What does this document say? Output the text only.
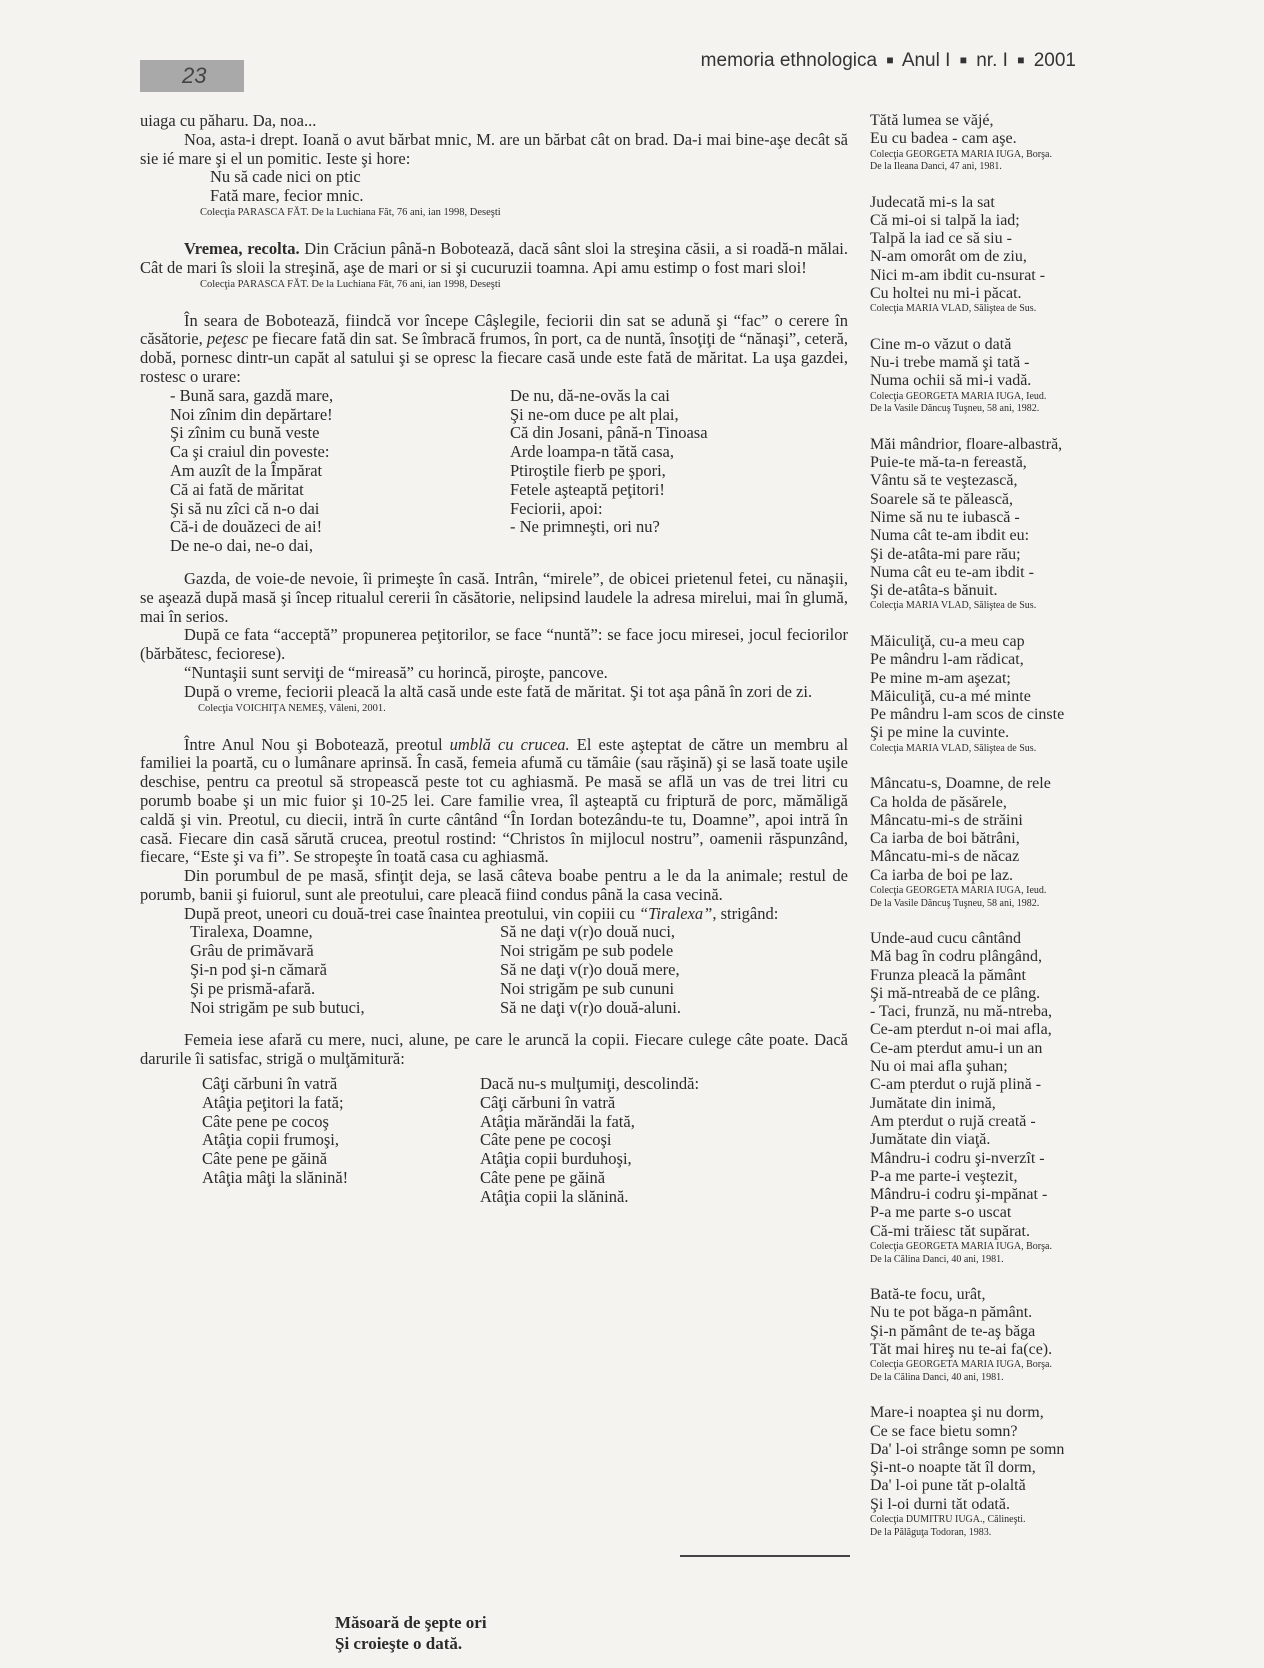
23
memoria ethnologica ■ Anul I ■ nr. I ■ 2001

uiaga cu păharu. Da, noa...

Noa, asta-i drept. Ioană o avut bărbat mnic, M. are un bărbat cât on brad. Da-i mai bine-aşe decât să sie ié mare şi el un pomitic. Ieste şi hore:

Nu să cade nici on ptic
Fată mare, fecior mnic.
Colecţia PARASCA FĂT. De la Luchiana Făt, 76 ani, ian 1998, Deseşti

Vremea, recolta. Din Crăciun până-n Bobotează, dacă sânt sloi la streşina căsii, a si roadă-n mălai. Cât de mari îs sloii la streşină, aşe de mari or si şi cucuruzii toamna. Api amu estimp o fost mari sloi!

Colecţia PARASCA FĂT. De la Luchiana Făt, 76 ani, ian 1998, Deseşti

În seara de Bobotează, fiindcă vor începe Câşlegile, feciorii din sat se adună şi “fac” o cerere în căsătorie, peţesc pe fiecare fată din sat. Se îmbracă frumos, în port, ca de nuntă, însoţiţi de “nănaşi”, ceteră, dobă, pornesc dintr-un capăt al satului şi se opresc la fiecare casă unde este fată de măritat. La uşa gazdei, rostesc o urare:

- Bună sara, gazdă mare,
Noi zînim din depărtare!
Şi zînim cu bună veste
Ca şi craiul din poveste:
Am auzît de la Împărat
Că ai fată de măritat
Şi să nu zîci că n-o dai
Că-i de douăzeci de ai!
De ne-o dai, ne-o dai,
De nu, dă-ne-ovăs la cai
Şi ne-om duce pe alt plai,
Că din Josani, până-n Tinoasa
Arde loampa-n tătă casa,
Ptiroştile fierb pe şpori,
Fetele aşteaptă peţitori!
Feciorii, apoi:
- Ne primneşti, ori nu?

Gazda, de voie-de nevoie, îi primeşte în casă. Intrân, “mirele”, de obicei prietenul fetei, cu nănaşii, se aşează după masă şi încep ritualul cererii în căsătorie, nelipsind laudele la adresa mirelui, mai în glumă, mai în serios.

După ce fata “acceptă” propunerea peţitorilor, se face “nuntă”: se face jocu miresei, jocul feciorilor (bărbătesc, feciorese).

“Nuntaşii sunt serviţi de “mireasă” cu horincă, piroşte, pancove.

După o vreme, feciorii pleacă la altă casă unde este fată de măritat. Şi tot aşa până în zori de zi.

Colecţia VOICHIŢA NEMEŞ, Văleni, 2001.

Între Anul Nou şi Bobotează, preotul umblă cu crucea. El este aşteptat de către un membru al familiei la poartă, cu o lumânare aprinsă. În casă, femeia afumă cu tămâie (sau răşină) şi se lasă toate uşile deschise, pentru ca preotul să stropească peste tot cu aghiasmă. Pe masă se află un vas de trei litri cu porumb boabe şi un mic fuior şi 10-25 lei. Care familie vrea, îl aşteaptă cu friptură de porc, mămăligă caldă şi vin. Preotul, cu diecii, intră în curte cântând “În Iordan botezându-te tu, Doamne”, apoi intră în casă. Fiecare din casă sărută crucea, preotul rostind: “Christos în mijlocul nostru”, oamenii răspunzând, fiecare, “Este şi va fi”. Se stropeşte în toată casa cu aghiasmă.

Din porumbul de pe masă, sfinţit deja, se lasă câteva boabe pentru a le da la animale; restul de porumb, banii şi fuiorul, sunt ale preotului, care pleacă fiind condus până la casa vecină.

După preot, uneori cu două-trei case înaintea preotului, vin copiii cu “Tiralexa”, strigând:

Tiralexa, Doamne,
Grâu de primăvară
Şi-n pod şi-n cămară
Şi pe prismă-afară.
Noi strigăm pe sub butuci,
Să ne daţi v(r)o două nuci,
Noi strigăm pe sub podele
Să ne daţi v(r)o două mere,
Noi strigăm pe sub cununi
Să ne daţi v(r)o două-aluni.

Femeia iese afară cu mere, nuci, alune, pe care le aruncă la copii. Fiecare culege câte poate. Dacă darurile îi satisfac, strigă o mulţămitură:

Câţi cărbuni în vatră
Atâţia peţitori la fată;
Câte pene pe cocoş
Atâţia copii frumoşi,
Câte pene pe găină
Atâţia mâţi la slănină!
Dacă nu-s mulţumiţi, descolindă:
Câţi cărbuni în vatră
Atâţia mărăndăi la fată,
Câte pene pe cocoşi
Atâţia copii burduhoşi,
Câte pene pe găină
Atâţia copii la slănină.
Tătă lumea se văjé,
Eu cu badea - cam aşe.
Colecţia GEORGETA MARIA IUGA, Borşa.
De la Ileana Danci, 47 ani, 1981.
Judecată mi-s la sat
Că mi-oi si talpă la iad;
Talpă la iad ce să siu -
N-am omorât om de ziu,
Nici m-am ibdit cu-nsurat -
Cu holtei nu mi-i păcat.
Colecţia MARIA VLAD, Săliştea de Sus.
Cine m-o văzut o dată
Nu-i trebe mamă şi tată -
Numa ochii să mi-i vadă.
Colecţia GEORGETA MARIA IUGA, Ieud.
De la Vasile Dăncuş Tuşneu, 58 ani, 1982.
Măi mândrior, floare-albastră,
Puie-te mă-ta-n fereastă,
Vântu să te veştezască,
Soarele să te pălească,
Nime să nu te iubască -
Numa cât te-am ibdit eu:
Şi de-atâta-mi pare rău;
Numa cât eu te-am ibdit -
Şi de-atâta-s bănuit.
Colecţia MARIA VLAD, Săliştea de Sus.
Măiculiţă, cu-a meu cap
Pe mândru l-am rădicat,
Pe mine m-am aşezat;
Măiculiţă, cu-a mé minte
Pe mândru l-am scos de cinste
Şi pe mine la cuvinte.
Colecţia MARIA VLAD, Săliştea de Sus.
Mâncatu-s, Doamne, de rele
Ca holda de păsărele,
Mâncatu-mi-s de străini
Ca iarba de boi bătrâni,
Mâncatu-mi-s de năcaz
Ca iarba de boi pe laz.
Colecţia GEORGETA MARIA IUGA, Ieud.
De la Vasile Dăncuş Tuşneu, 58 ani, 1982.
Unde-aud cucu cântând
Mă bag în codru plângând,
Frunza pleacă la pământ
Şi mă-ntreabă de ce plâng.
- Taci, frunză, nu mă-ntreba,
Ce-am pterdut n-oi mai afla,
Ce-am pterdut amu-i un an
Nu oi mai afla şuhan;
C-am pterdut o rujă plină -
Jumătate din inimă,
Am pterdut o rujă creată -
Jumătate din viaţă.
Mândru-i codru şi-nverzît -
P-a me parte-i veştezit,
Mândru-i codru şi-mpănat -
P-a me parte s-o uscat
Că-mi trăiesc tăt supărat.
Colecţia GEORGETA MARIA IUGA, Borşa.
De la Călina Danci, 40 ani, 1981.
Bată-te focu, urât,
Nu te pot băga-n pământ.
Şi-n pământ de te-aş băga
Tăt mai hireş nu te-ai fa(ce).
Colecţia GEORGETA MARIA IUGA, Borşa.
De la Călina Danci, 40 ani, 1981.
Mare-i noaptea şi nu dorm,
Ce se face bietu somn?
Da' l-oi strânge somn pe somn
Şi-nt-o noapte tăt îl dorm,
Da' l-oi pune tăt p-olaltă
Şi l-oi durni tăt odată.
Colecţia DUMITRU IUGA., Călineşti.
De la Pălăguţa Todoran, 1983.
Măsoară de şepte ori
Şi croieşte o dată.
